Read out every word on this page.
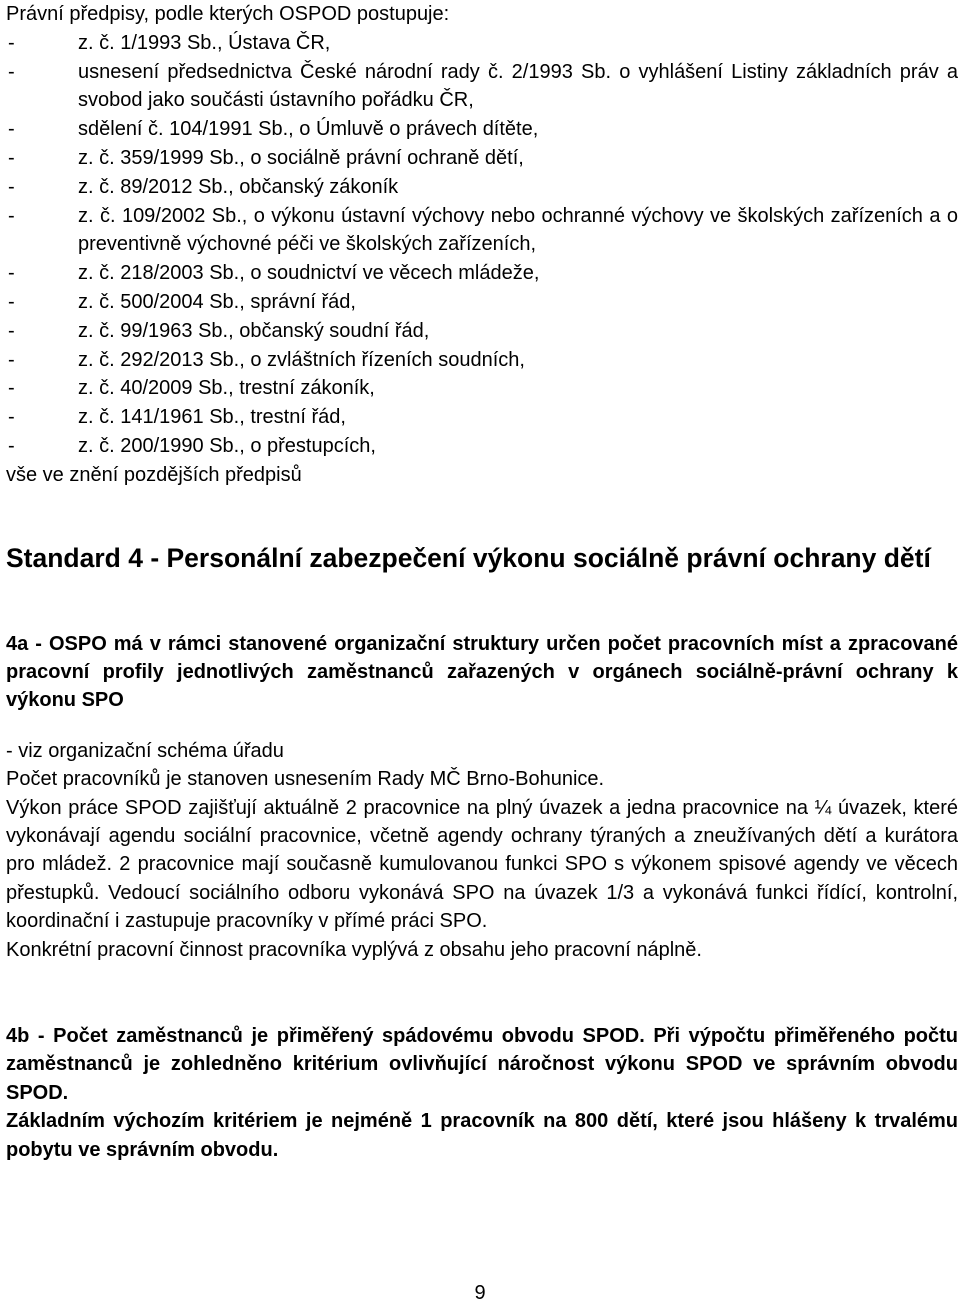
Právní předpisy, podle kterých OSPOD postupuje:
-	z. č. 1/1993 Sb., Ústava ČR,
-	usnesení předsednictva České národní rady č. 2/1993 Sb. o vyhlášení Listiny základních práv a svobod jako součásti ústavního pořádku ČR,
-	sdělení č. 104/1991 Sb., o Úmluvě o právech dítěte,
-	z. č. 359/1999 Sb., o sociálně právní ochraně dětí,
-	z. č. 89/2012 Sb., občanský zákoník
-	z. č. 109/2002 Sb., o výkonu ústavní výchovy nebo ochranné výchovy ve školských zařízeních a o preventivně výchovné péči ve školských zařízeních,
-	z. č. 218/2003 Sb., o soudnictví ve věcech mládeže,
-	z. č. 500/2004 Sb., správní řád,
-	z. č. 99/1963 Sb., občanský soudní řád,
-	z. č. 292/2013 Sb., o zvláštních řízeních soudních,
-	z. č. 40/2009 Sb., trestní zákoník,
-	z. č. 141/1961 Sb., trestní řád,
-	z. č. 200/1990 Sb., o přestupcích,
vše ve znění pozdějších předpisů
Standard 4 - Personální zabezpečení výkonu sociálně právní ochrany dětí
4a - OSPO má v rámci stanovené organizační struktury určen počet pracovních míst a zpracované pracovní profily jednotlivých zaměstnanců zařazených v orgánech sociálně-právní ochrany k výkonu SPO
- viz organizační schéma úřadu
Počet pracovníků je stanoven usnesením Rady MČ Brno-Bohunice.
Výkon práce SPOD zajišťují aktuálně 2 pracovnice na plný úvazek a jedna pracovnice na ¼ úvazek, které vykonávají agendu sociální pracovnice, včetně agendy ochrany týraných a zneužívaných dětí a kurátora pro mládež. 2 pracovnice mají současně kumulovanou funkci SPO s výkonem spisové agendy ve věcech přestupků. Vedoucí sociálního odboru vykonává SPO na úvazek 1/3 a vykonává funkci řídící, kontrolní, koordinační i zastupuje pracovníky v přímé práci SPO.
Konkrétní pracovní činnost pracovníka vyplývá z obsahu jeho pracovní náplně.
4b - Počet zaměstnanců je přiměřený spádovému obvodu SPOD. Při výpočtu přiměřeného počtu zaměstnanců je zohledněno kritérium ovlivňující náročnost výkonu SPOD ve správním obvodu SPOD.
Základním výchozím kritériem je nejméně 1 pracovník na 800 dětí, které jsou hlášeny k trvalému pobytu ve správním obvodu.
9
